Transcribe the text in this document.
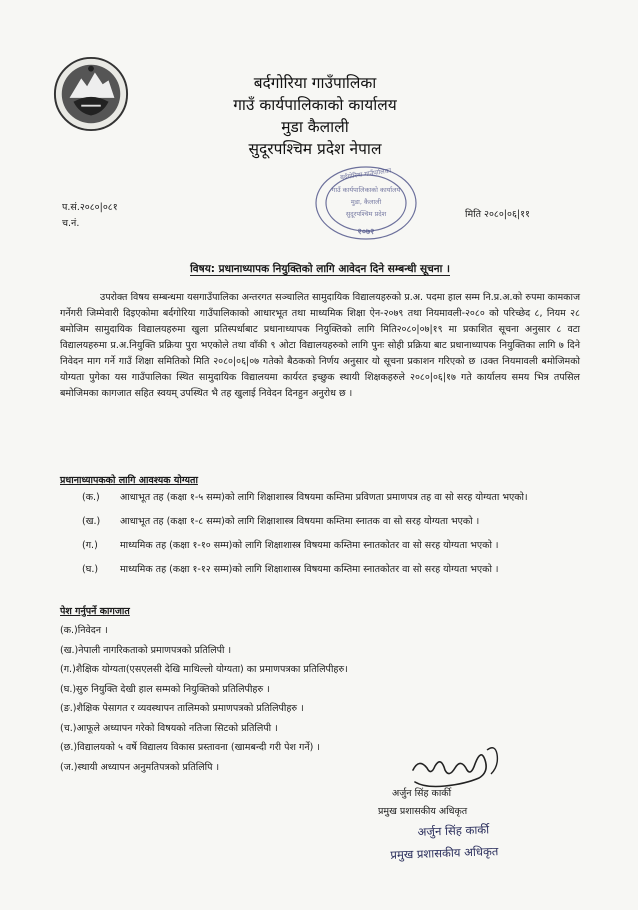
बर्दगोरिया गाउँपालिका
गाउँ कार्यपालिकाको कार्यालय
मुडा कैलाली
सुदूरपश्चिम प्रदेश नेपाल
बर्दगोरिया गाउँपालिका
गाउँ कार्यपालिकाको कार्यालय
मुडा, कैलाली
सुदूरपश्चिम प्रदेश
२०७२
प.सं.२०८०|०८१
च.नं.
मिति २०८०|०६|११
विषय: प्रधानाध्यापक नियुक्तिको लागि आवेदन दिने सम्बन्धी सूचना ।
उपरोक्त विषय सम्बन्धमा यसगाउँपालिका अन्तरगत सञ्चालित सामुदायिक विद्यालयहरुको प्र.अ. पदमा हाल सम्म नि.प्र.अ.को रुपमा कामकाज गर्नेगरी जिम्मेवारी दिइएकोमा बर्दगोरिया गाउँपालिकाको आधारभूत तथा माध्यमिक शिक्षा ऐन-२०७९ तथा नियमावली-२०८० को परिच्छेद ८, नियम २८ बमोजिम सामुदायिक विद्यालयहरुमा खुला प्रतिस्पर्धाबाट प्रधानाध्यापक नियुक्तिको लागि मिति२०८०|०७|१९ मा प्रकाशित सूचना अनुसार ८ वटा विद्यालयहरुमा प्र.अ.नियुक्ति प्रक्रिया पुरा भएकोले तथा वाँकी ९ ओटा विद्यालयहरुको लागि पुनः सोही प्रक्रिया बाट प्रधानाध्यापक नियुक्तिका लागि ७ दिने निवेदन माग गर्ने गाउँ शिक्षा समितिको मिति २०८०|०६|०७ गतेको बैठकको निर्णय अनुसार यो सूचना प्रकाशन गरिएको छ ।उक्त नियमावली बमोजिमको योग्यता पुगेका यस गाउँपालिका स्थित सामुदायिक विद्यालयमा कार्यरत इच्छुक स्थायी शिक्षकहरुले २०८०|०६|१७ गते कार्यालय समय भित्र तपसिल बमोजिमका कागजात सहित स्वयम् उपस्थित भै तह खुलाई निवेदन दिनहुन अनुरोध छ ।
प्रधानाध्यापकको लागि आवश्यक योग्यता
(क.)	आधाभूत तह (कक्षा १-५ सम्म)को लागि शिक्षाशास्त्र विषयमा कम्तिमा प्रविणता प्रमाणपत्र तह वा सो सरह योग्यता भएको।
(ख.)	आधाभूत तह (कक्षा १-८ सम्म)को लागि शिक्षाशास्त्र विषयमा कम्तिमा स्नातक वा सो सरह योग्यता भएको ।
(ग.)	माध्यमिक तह (कक्षा १-१० सम्म)को लागि शिक्षाशास्त्र विषयमा कम्तिमा स्नातकोतर वा सो सरह योग्यता भएको ।
(घ.)	माध्यमिक तह (कक्षा १-१२ सम्म)को लागि शिक्षाशास्त्र विषयमा कम्तिमा स्नातकोतर वा सो सरह योग्यता भएको ।
पेश गर्नुपर्ने कागजात
(क.)निवेदन ।
(ख.)नेपाली नागरिकताको प्रमाणपत्रको प्रतिलिपी ।
(ग.)शैक्षिक योग्यता(एसएलसी देखि माथिल्लो योग्यता) का प्रमाणपत्रका प्रतिलिपीहरु।
(घ.)सुरु नियुक्ति देखी हाल सम्मको नियुक्तिको प्रतिलिपीहरु ।
(ङ.)शैक्षिक पेसागत र व्यवस्थापन तालिमको प्रमाणपत्रको प्रतिलिपीहरु ।
(च.)आफूले अध्यापन गरेको विषयको नतिजा सिटको प्रतिलिपी ।
(छ.)विद्यालयको ५ वर्षे विद्यालय विकास प्रस्तावना (खामबन्दी गरी पेश गर्ने) ।
(ज.)स्थायी अध्यापन अनुमतिपत्रको प्रतिलिपि ।
अर्जुन सिंह कार्की
प्रमुख प्रशासकीय अधिकृत
अर्जुन सिंह कार्की
प्रमुख प्रशासकीय अधिकृत
